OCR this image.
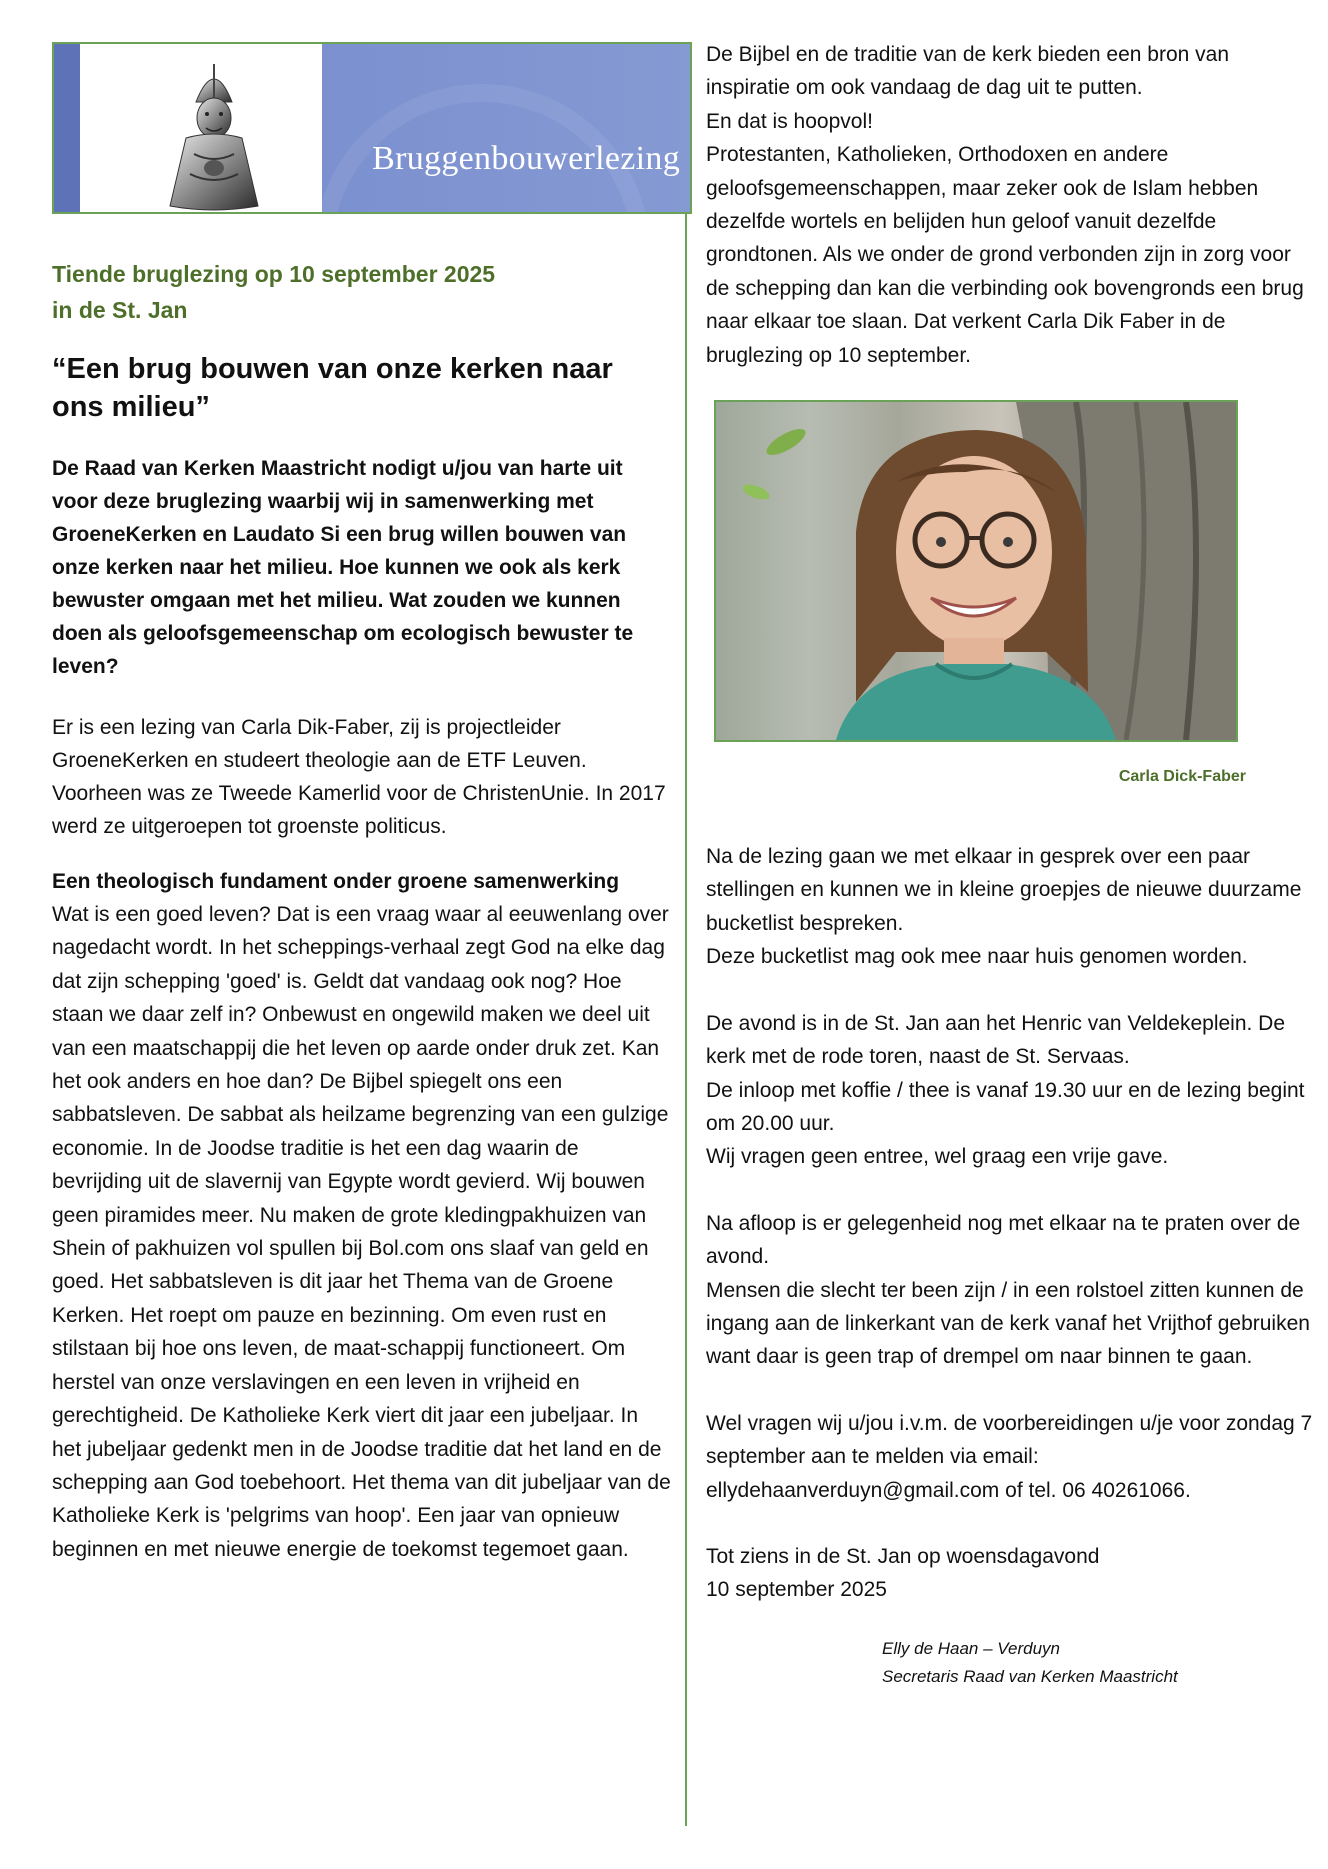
Bruggenbouwerlezing
Tiende bruglezing op 10 september 2025
in de St. Jan
“Een brug bouwen van onze kerken naar ons milieu”
De Raad van Kerken Maastricht nodigt u/jou van harte uit voor deze bruglezing waarbij wij in samenwerking met GroeneKerken en Laudato Si een brug willen bouwen van onze kerken naar het milieu. Hoe kunnen we ook als kerk bewuster omgaan met het milieu. Wat zouden we kunnen doen als geloofsgemeenschap om ecologisch bewuster te leven?
Er is een lezing van Carla Dik-Faber, zij is projectleider GroeneKerken en studeert theologie aan de ETF Leuven. Voorheen was ze Tweede Kamerlid voor de ChristenUnie. In 2017 werd ze uitgeroepen tot groenste politicus.
Een theologisch fundament onder groene samenwerking
Wat is een goed leven? Dat is een vraag waar al eeuwenlang over nagedacht wordt. In het scheppings-verhaal zegt God na elke dag dat zijn schepping 'goed' is. Geldt dat vandaag ook nog? Hoe staan we daar zelf in? Onbewust en ongewild maken we deel uit van een maatschappij die het leven op aarde onder druk zet. Kan het ook anders en hoe dan? De Bijbel spiegelt ons een sabbatsleven. De sabbat als heilzame begrenzing van een gulzige economie. In de Joodse traditie is het een dag waarin de bevrijding uit de slavernij van Egypte wordt gevierd. Wij bouwen geen piramides meer. Nu maken de grote kledingpakhuizen van Shein of pakhuizen vol spullen bij Bol.com ons slaaf van geld en goed. Het sabbatsleven is dit jaar het Thema van de Groene Kerken. Het roept om pauze en bezinning. Om even rust en stilstaan bij hoe ons leven, de maat-schappij functioneert. Om herstel van onze verslavingen en een leven in vrijheid en gerechtigheid. De Katholieke Kerk viert dit jaar een jubeljaar. In het jubeljaar gedenkt men in de Joodse traditie dat het land en de schepping aan God toebehoort. Het thema van dit jubeljaar van de Katholieke Kerk is 'pelgrims van hoop'. Een jaar van opnieuw beginnen en met nieuwe energie de toekomst tegemoet gaan.
De Bijbel en de traditie van de kerk bieden een bron van inspiratie om ook vandaag de dag uit te putten.
En dat is hoopvol!
Protestanten, Katholieken, Orthodoxen en andere geloofsgemeenschappen, maar zeker ook de Islam hebben dezelfde wortels en belijden hun geloof vanuit dezelfde grondtonen. Als we onder de grond verbonden zijn in zorg voor de schepping dan kan die verbinding ook bovengronds een brug naar elkaar toe slaan. Dat verkent Carla Dik Faber in de bruglezing op 10 september.
Carla Dick-Faber
Na de lezing gaan we met elkaar in gesprek over een paar stellingen en kunnen we in kleine groepjes de nieuwe duurzame bucketlist bespreken.
Deze bucketlist mag ook mee naar huis genomen worden.
De avond is in de St. Jan aan het Henric van Veldekeplein. De kerk met de rode toren, naast de St. Servaas.
De inloop met koffie / thee is vanaf 19.30 uur en de lezing begint om 20.00 uur.
Wij vragen geen entree, wel graag een vrije gave.
Na afloop is er gelegenheid nog met elkaar na te praten over de avond.
Mensen die slecht ter been zijn / in een rolstoel zitten kunnen de ingang aan de linkerkant van de kerk vanaf het Vrijthof gebruiken want daar is geen trap of drempel om naar binnen te gaan.
Wel vragen wij u/jou i.v.m. de voorbereidingen u/je voor zondag 7 september aan te melden via email: ellydehaanverduyn@gmail.com of tel. 06 40261066.
Tot ziens in de St. Jan op woensdagavond
10 september 2025
Elly de Haan – Verduyn
Secretaris Raad van Kerken Maastricht
